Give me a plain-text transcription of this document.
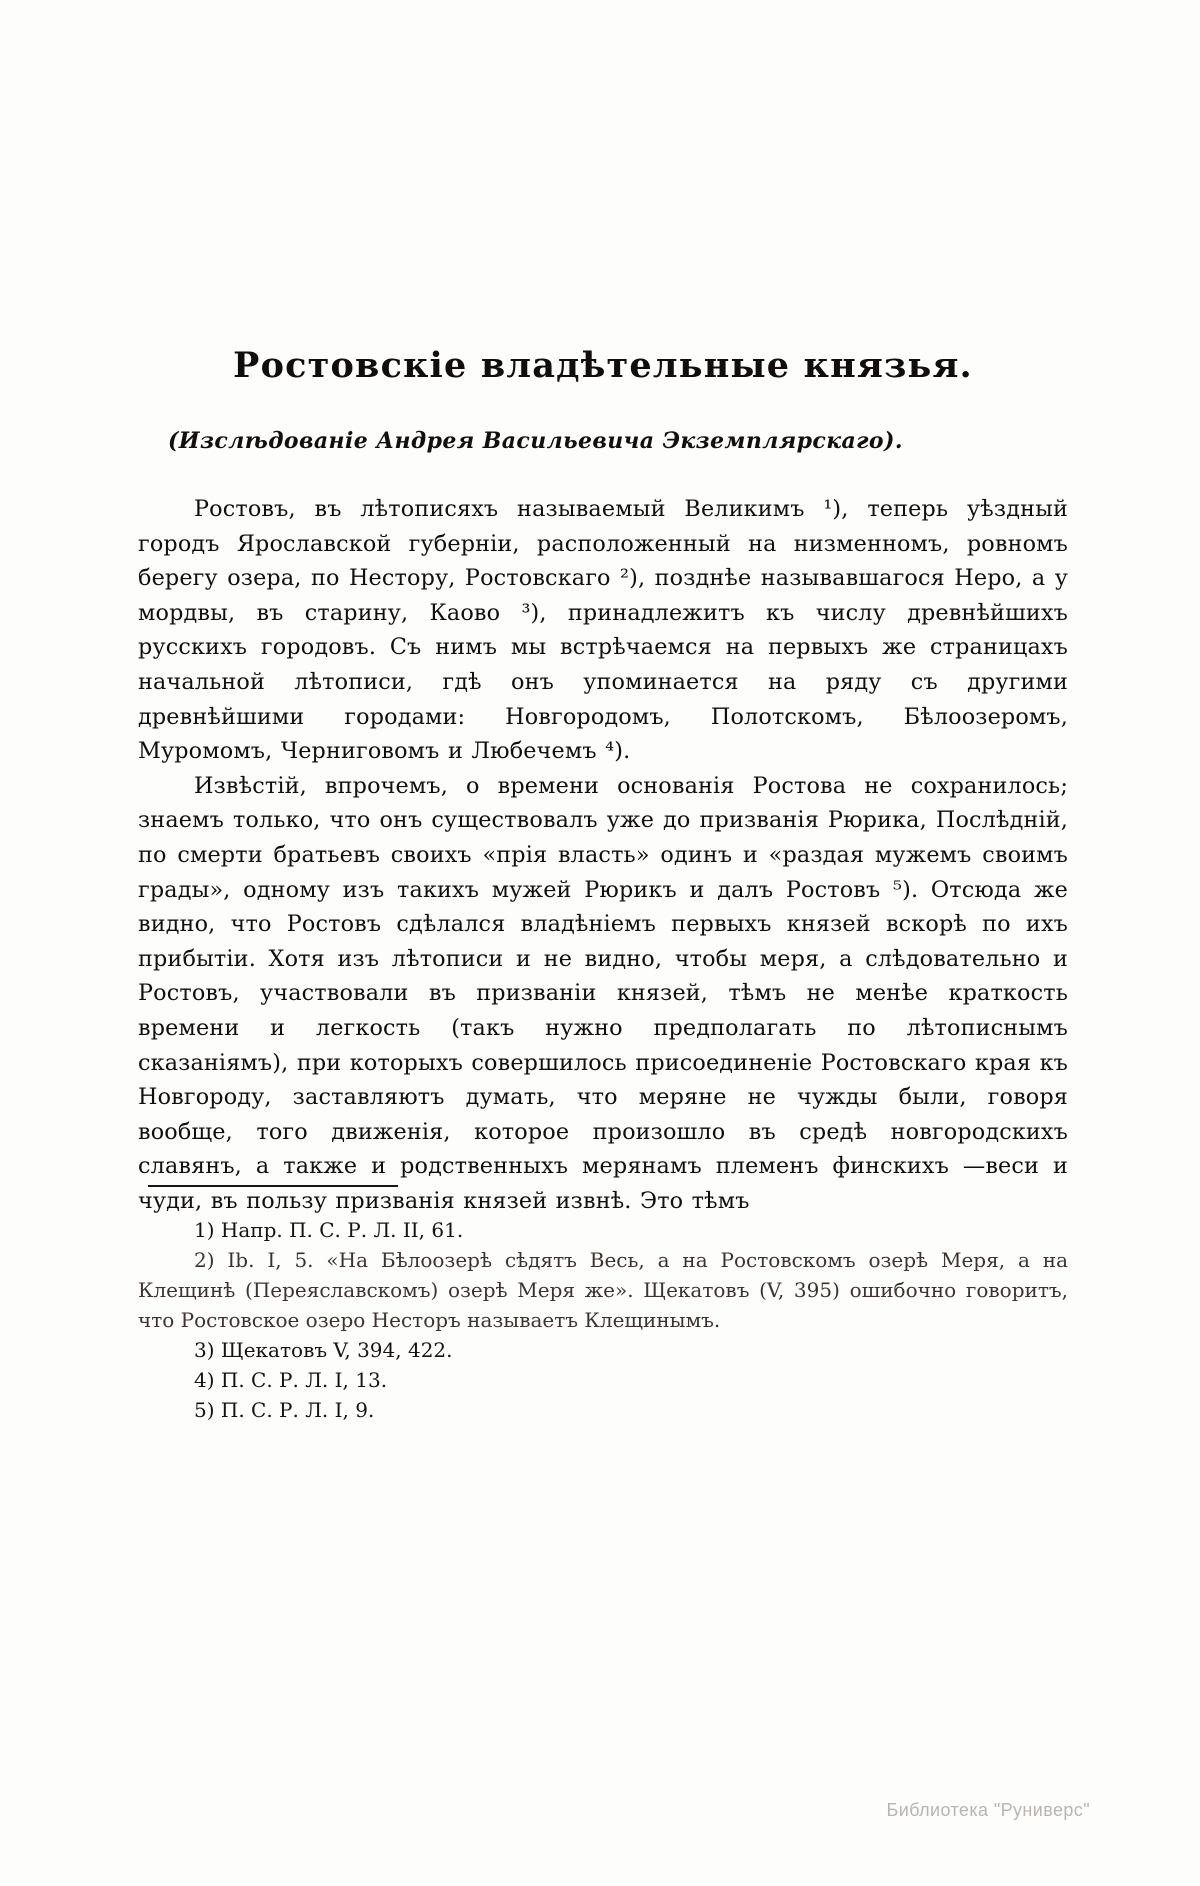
Ростовскіе владѣтельные князья.

(Изслѣдованіе Андрея Васильевича Экземплярскаго).

Ростовъ, въ лѣтописяхъ называемый Великимъ ¹), теперь уѣздный городъ Ярославской губерніи, расположенный на низменномъ, ровномъ берегу озера, по Нестору, Ростовскаго ²), позднѣе называвшагося Неро, а у мордвы, въ старину, Каово ³), принадлежитъ къ числу древнѣйшихъ русскихъ городовъ. Съ нимъ мы встрѣчаемся на первыхъ же страницахъ начальной лѣтописи, гдѣ онъ упоминается на ряду съ другими древнѣйшими городами: Новгородомъ, Полотскомъ, Бѣлоозеромъ, Муромомъ, Черниговомъ и Любечемъ ⁴).

Извѣстій, впрочемъ, о времени основанія Ростова не сохранилось; знаемъ только, что онъ существовалъ уже до призванія Рюрика, Послѣдній, по смерти братьевъ своихъ «прія власть» одинъ и «раздая мужемъ своимъ грады», одному изъ такихъ мужей Рюрикъ и далъ Ростовъ ⁵). Отсюда же видно, что Ростовъ сдѣлался владѣніемъ первыхъ князей вскорѣ по ихъ прибытіи. Хотя изъ лѣтописи и не видно, чтобы меря, а слѣдовательно и Ростовъ, участвовали въ призваніи князей, тѣмъ не менѣе краткость времени и легкость (такъ нужно предполагать по лѣтописнымъ сказаніямъ), при которыхъ совершилось присоединеніе Ростовскаго края къ Новгороду, заставляютъ думать, что меряне не чужды были, говоря вообще, того движенія, которое произошло въ средѣ новгородскихъ славянъ, а также и родственныхъ мерянамъ племенъ финскихъ —веси и чуди, въ пользу призванія князей извнѣ. Это тѣмъ

1) Напр. П. С. Р. Л. II, 61.

2) Ib. I, 5. «На Бѣлоозерѣ сѣдятъ Весь, а на Ростовскомъ озерѣ Меря, а на Клещинѣ (Переяславскомъ) озерѣ Меря же». Щекатовъ (V, 395) ошибочно говоритъ, что Ростовское озеро Несторъ называетъ Клещинымъ.

3) Щекатовъ V, 394, 422.

4) П. С. Р. Л. I, 13.

5) П. С. Р. Л. I, 9.

Библиотека "Руниверс"
